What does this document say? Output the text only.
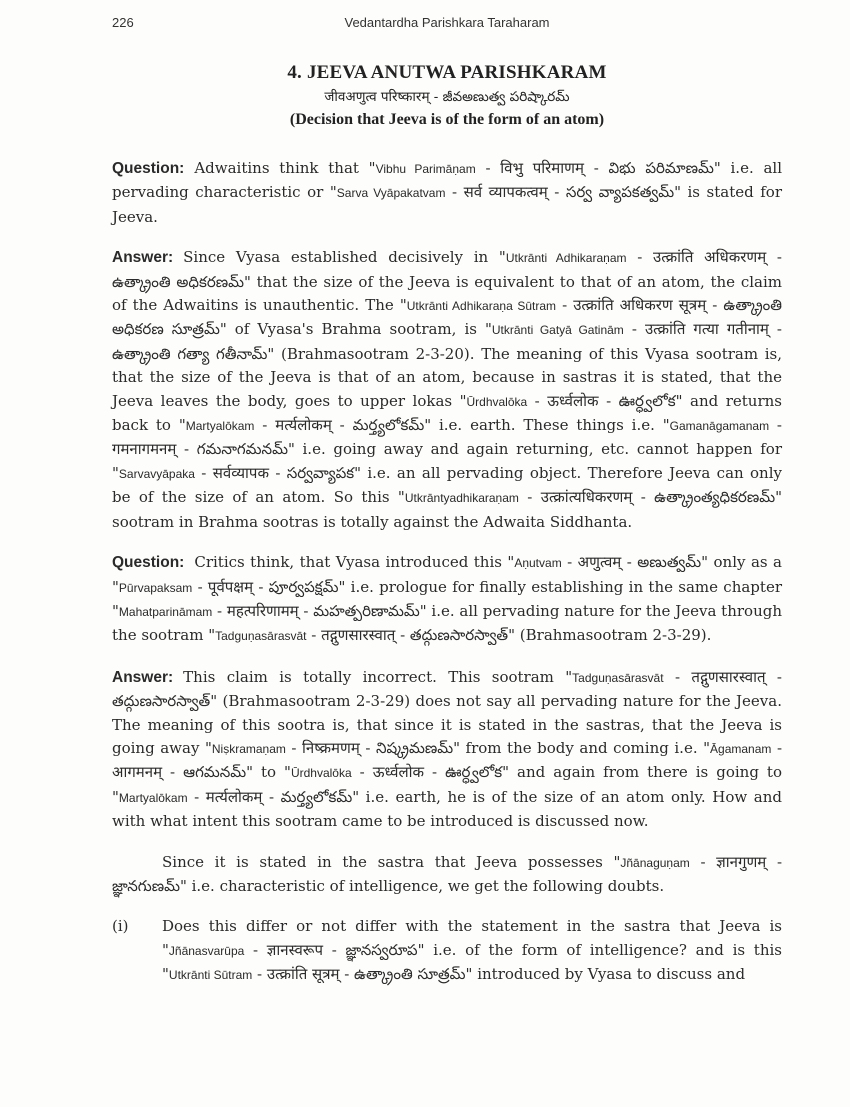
226	Vedantardha Parishkara Taraharam
4. JEEVA ANUTWA PARISHKARAM
जीवअणुत्व परिष्कारम् - జీవఅణుత్వ పరిష్కారమ్
(Decision that Jeeva is of the form of an atom)

Question: Adwaitins think that "Vibhu Parimāṇam - विभु परिमाणम् - విభు పరిమాణమ్" i.e. all pervading characteristic or "Sarva Vyāpakatvam - सर्व व्यापकत्वम् - సర్వ వ్యాపకత్వమ్" is stated for Jeeva.

Answer: Since Vyasa established decisively in "Utkrānti Adhikaraṇam - उत्क्रांति अधिकरणम् - ఉత్క్రాంతి అధికరణమ్" that the size of the Jeeva is equivalent to that of an atom, the claim of the Adwaitins is unauthentic. The "Utkrānti Adhikaraṇa Sūtram - उत्क्रांति अधिकरण सूत्रम् - ఉత్క్రాంతి అధికరణ సూత్రమ్" of Vyasa's Brahma sootram, is "Utkrānti Gatyā Gatinām - उत्क्रांति गत्या गतीनाम् - ఉత్క్రాంతి గత్యా గతీనామ్" (Brahmasootram 2-3-20). The meaning of this Vyasa sootram is, that the size of the Jeeva is that of an atom, because in sastras it is stated, that the Jeeva leaves the body, goes to upper lokas "Ūrdhvalōka - ऊर्ध्वलोक - ఊర్ధ్వలోక" and returns back to "Martyalōkam - मर्त्यलोकम् - మర్త్యలోకమ్" i.e. earth. These things i.e. "Gamanāgamanam - गमनागमनम् - గమనాగమనమ్" i.e. going away and again returning, etc. cannot happen for "Sarvavyāpaka - सर्वव्यापक - సర్వవ్యాపక" i.e. an all pervading object. Therefore Jeeva can only be of the size of an atom. So this "Utkrāntyadhikaraṇam - उत्क्रांत्यधिकरणम् - ఉత్క్రాంత్యధికరణమ్" sootram in Brahma sootras is totally against the Adwaita Siddhanta.

Question: Critics think, that Vyasa introduced this "Aṇutvam - अणुत्वम् - అణుత్వమ్" only as a "Pūrvapaksam - पूर्वपक्षम् - పూర్వపక్షమ్" i.e. prologue for finally establishing in the same chapter "Mahatparināmam - महत्परिणामम् - మహత్పరిణామమ్" i.e. all pervading nature for the Jeeva through the sootram "Tadguṇasārasvāt - तद्गुणसारस्वात् - తద్గుణసారస్వాత్" (Brahmasootram 2-3-29).

Answer: This claim is totally incorrect. This sootram "Tadguṇasārasvāt - तद्गुणसारस्वात् - తద్గుణసారస్వాత్" (Brahmasootram 2-3-29) does not say all pervading nature for the Jeeva. The meaning of this sootra is, that since it is stated in the sastras, that the Jeeva is going away "Niṣkramaṇam - निष्क्रमणम् - నిష్క్రమణమ్" from the body and coming i.e. "Āgamanam - आगमनम् - ఆగమనమ్" to "Ūrdhvalōka - ऊर्ध्वलोक - ఊర్ధ్వలోక" and again from there is going to "Martyalōkam - मर्त्यलोकम् - మర్త్యలోకమ్" i.e. earth, he is of the size of an atom only. How and with what intent this sootram came to be introduced is discussed now.

Since it is stated in the sastra that Jeeva possesses "Jñānaguṇam - ज्ञानगुणम् - జ్ఞానగుణమ్" i.e. characteristic of intelligence, we get the following doubts.

(i)	Does this differ or not differ with the statement in the sastra that Jeeva is "Jñānasvarūpa - ज्ञानस्वरूप - జ్ఞానస్వరూప" i.e. of the form of intelligence? and is this "Utkrānti Sūtram - उत्क्रांति सूत्रम् - ఉత్క్రాంతి సూత్రమ్" introduced by Vyasa to discuss and
